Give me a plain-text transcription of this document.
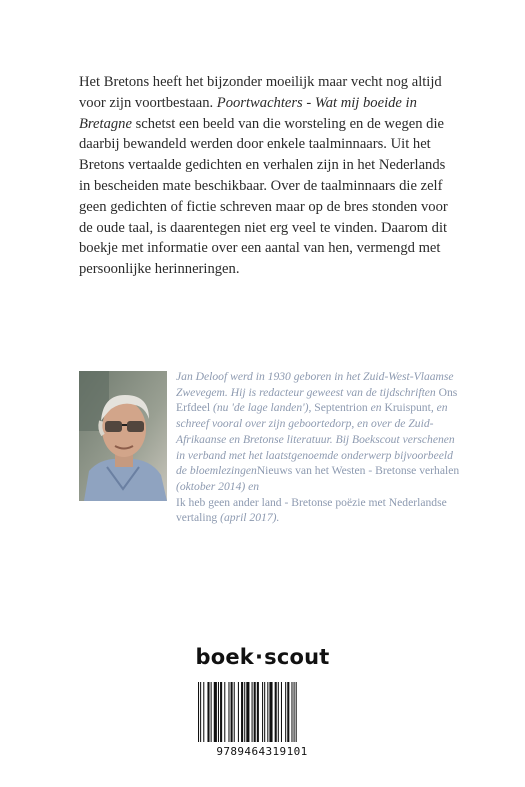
Het Bretons heeft het bijzonder moeilijk maar vecht nog altijd voor zijn voortbestaan. Poortwachters - Wat mij boeide in Bretagne schetst een beeld van die worsteling en de wegen die daarbij bewandeld werden door enkele taalminnaars. Uit het Bretons vertaalde gedichten en verhalen zijn in het Nederlands in bescheiden mate beschikbaar. Over de taalminnaars die zelf geen gedichten of fictie schreven maar op de bres stonden voor de oude taal, is daarentegen niet erg veel te vinden. Daarom dit boekje met informatie over een aantal van hen, vermengd met persoonlijke herinneringen.

Jan Deloof werd in 1930 geboren in het Zuid-West-Vlaamse Zwevegem. Hij is redacteur geweest van de tijdschriften Ons Erfdeel (nu 'de lage landen'), Septentrion en Kruispunt, en schreef vooral over zijn geboortedorp, en over de Zuid-Afrikaanse en Bretonse literatuur. Bij Boekscout verschenen in verband met het laatstgenoemde onderwerp bijvoorbeeld de bloemlezingenNieuws van het Westen - Bretonse verhalen (oktober 2014) en
Ik heb geen ander land - Bretonse poëzie met Nederlandse vertaling (april 2017).

boek·scout
9789464319101
